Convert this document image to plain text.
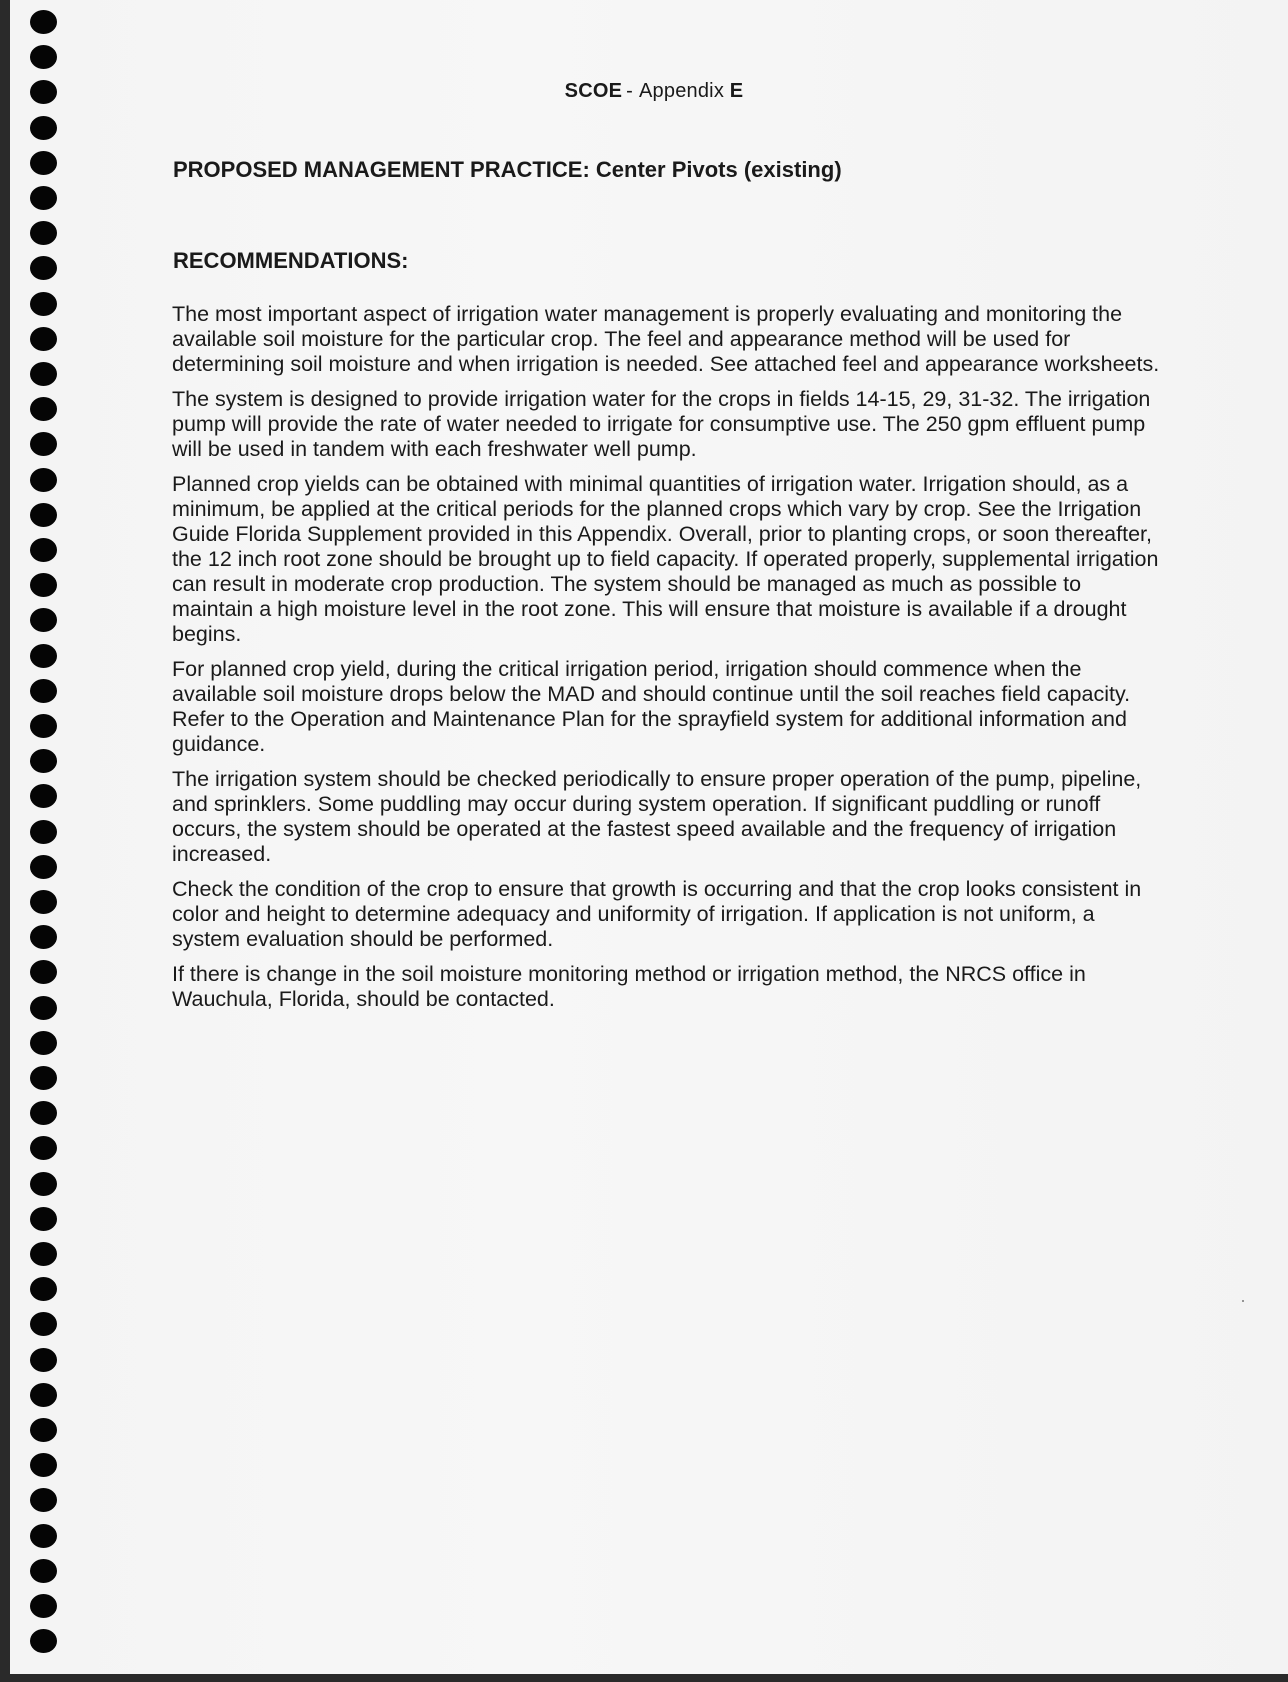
SCOE - Appendix E
PROPOSED MANAGEMENT PRACTICE: Center Pivots (existing)
RECOMMENDATIONS:

The most important aspect of irrigation water management is properly evaluating and monitoring the available soil moisture for the particular crop. The feel and appearance method will be used for determining soil moisture and when irrigation is needed. See attached feel and appearance worksheets.

The system is designed to provide irrigation water for the crops in fields 14-15, 29, 31-32. The irrigation pump will provide the rate of water needed to irrigate for consumptive use. The 250 gpm effluent pump will be used in tandem with each freshwater well pump.

Planned crop yields can be obtained with minimal quantities of irrigation water. Irrigation should, as a minimum, be applied at the critical periods for the planned crops which vary by crop. See the Irrigation Guide Florida Supplement provided in this Appendix. Overall, prior to planting crops, or soon thereafter, the 12 inch root zone should be brought up to field capacity. If operated properly, supplemental irrigation can result in moderate crop production. The system should be managed as much as possible to maintain a high moisture level in the root zone. This will ensure that moisture is available if a drought begins.

For planned crop yield, during the critical irrigation period, irrigation should commence when the available soil moisture drops below the MAD and should continue until the soil reaches field capacity. Refer to the Operation and Maintenance Plan for the sprayfield system for additional information and guidance.

The irrigation system should be checked periodically to ensure proper operation of the pump, pipeline, and sprinklers. Some puddling may occur during system operation. If significant puddling or runoff occurs, the system should be operated at the fastest speed available and the frequency of irrigation increased.

Check the condition of the crop to ensure that growth is occurring and that the crop looks consistent in color and height to determine adequacy and uniformity of irrigation. If application is not uniform, a system evaluation should be performed.

If there is change in the soil moisture monitoring method or irrigation method, the NRCS office in Wauchula, Florida, should be contacted.
